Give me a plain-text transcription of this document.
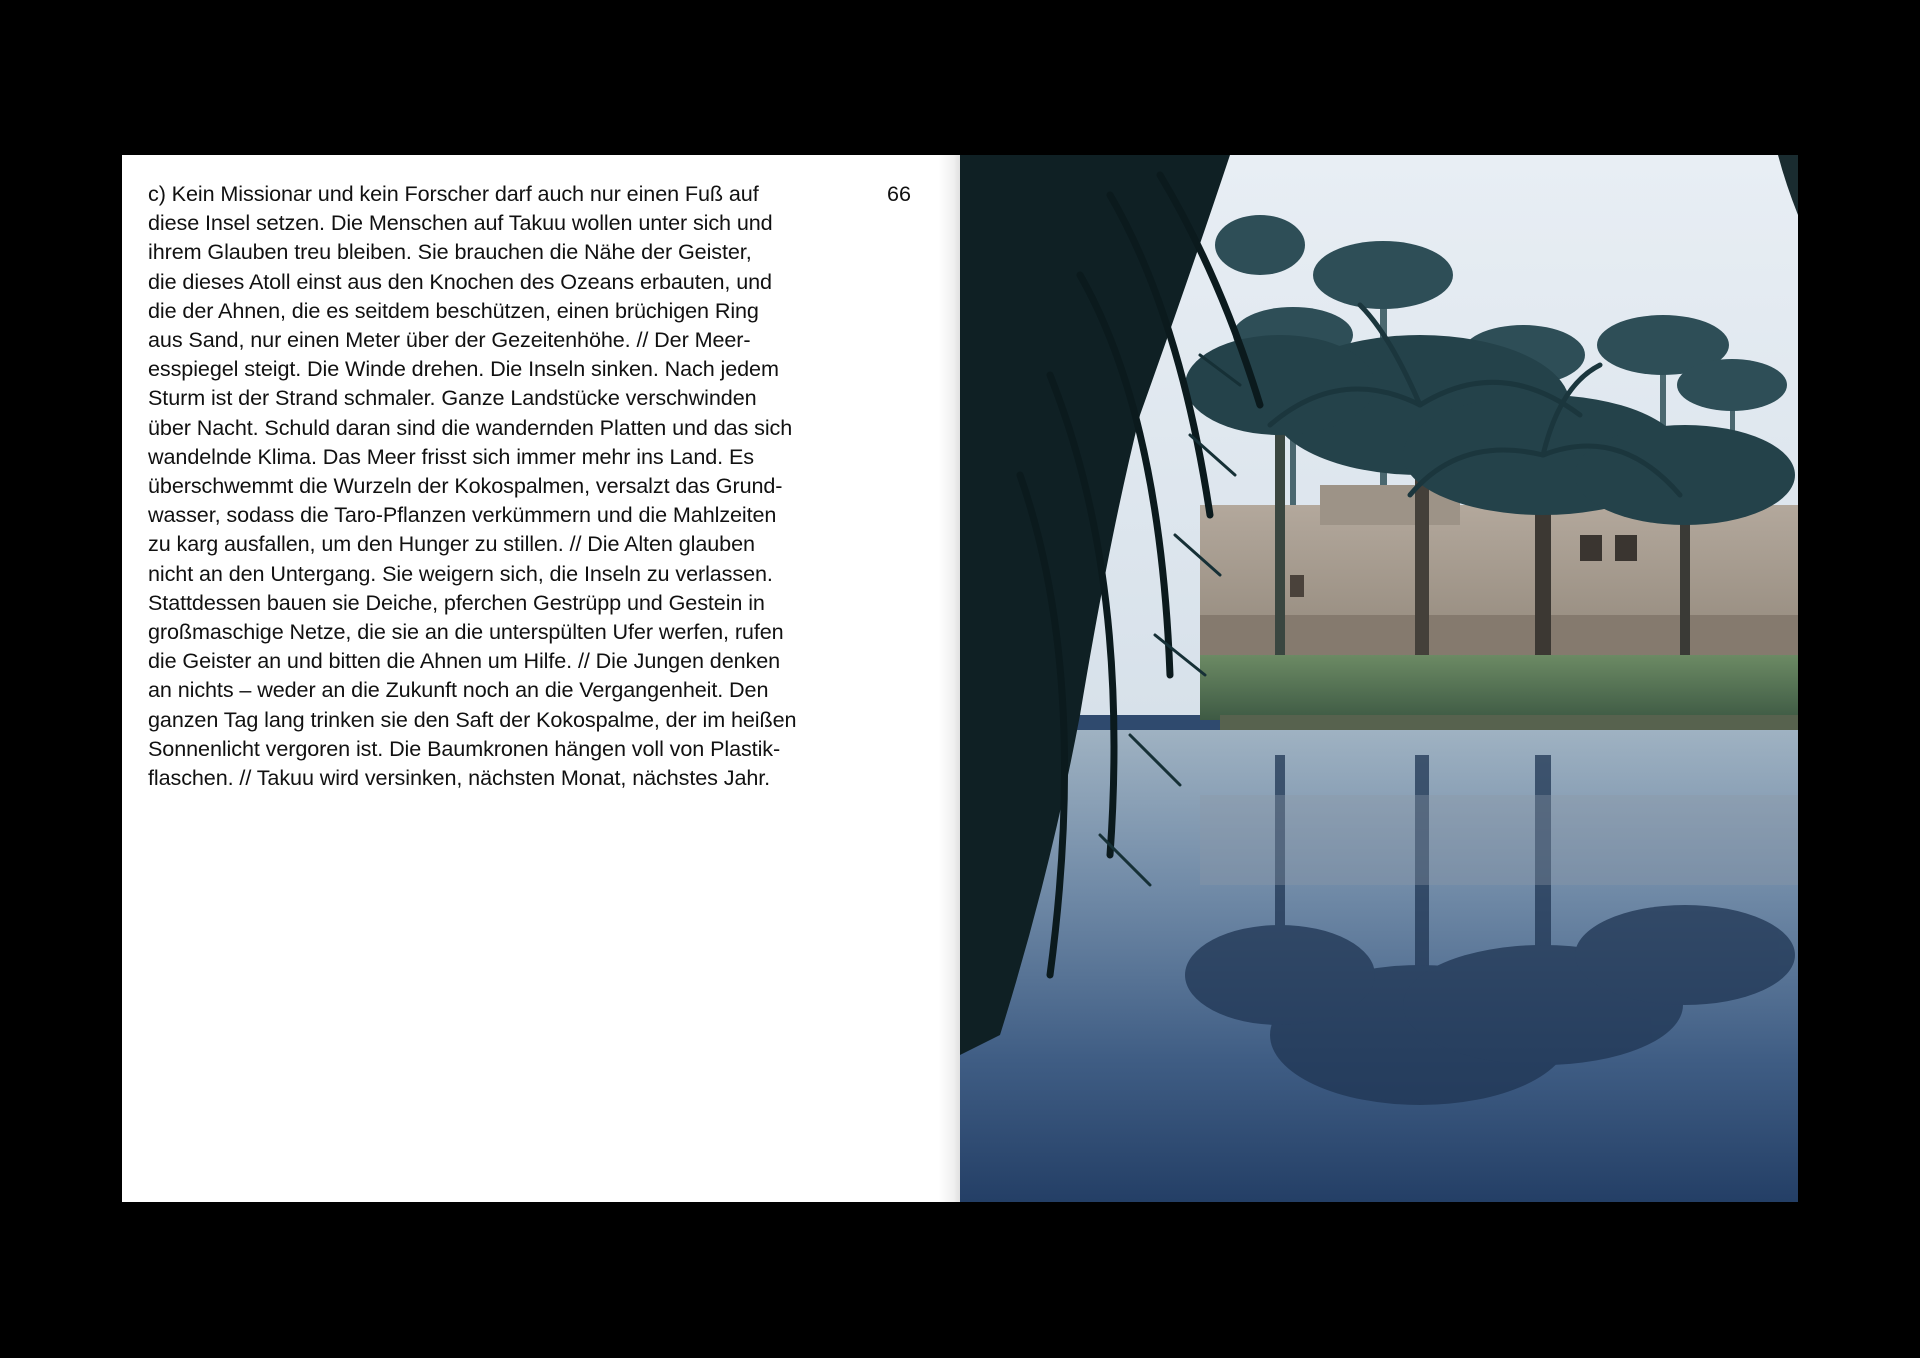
c) Kein Missionar und kein Forscher darf auch nur einen Fuß auf
diese Insel setzen. Die Menschen auf Takuu wollen unter sich und
ihrem Glauben treu bleiben. Sie brauchen die Nähe der Geister,
die dieses Atoll einst aus den Knochen des Ozeans erbauten, und
die der Ahnen, die es seitdem beschützen, einen brüchigen Ring
aus Sand, nur einen Meter über der Gezeitenhöhe. // Der Meer-
esspiegel steigt. Die Winde drehen. Die Inseln sinken. Nach jedem
Sturm ist der Strand schmaler. Ganze Landstücke verschwinden
über Nacht. Schuld daran sind die wandernden Platten und das sich
wandelnde Klima. Das Meer frisst sich immer mehr ins Land. Es
überschwemmt die Wurzeln der Kokospalmen, versalzt das Grund-
wasser, sodass die Taro-Pflanzen verkümmern und die Mahlzeiten
zu karg ausfallen, um den Hunger zu stillen. // Die Alten glauben
nicht an den Untergang. Sie weigern sich, die Inseln zu verlassen.
Stattdessen bauen sie Deiche, pferchen Gestrüpp und Gestein in
großmaschige Netze, die sie an die unterspülten Ufer werfen, rufen
die Geister an und bitten die Ahnen um Hilfe. // Die Jungen denken
an nichts – weder an die Zukunft noch an die Vergangenheit. Den
ganzen Tag lang trinken sie den Saft der Kokospalme, der im heißen
Sonnenlicht vergoren ist. Die Baumkronen hängen voll von Plastik-
flaschen. // Takuu wird versinken, nächsten Monat, nächstes Jahr.

66
